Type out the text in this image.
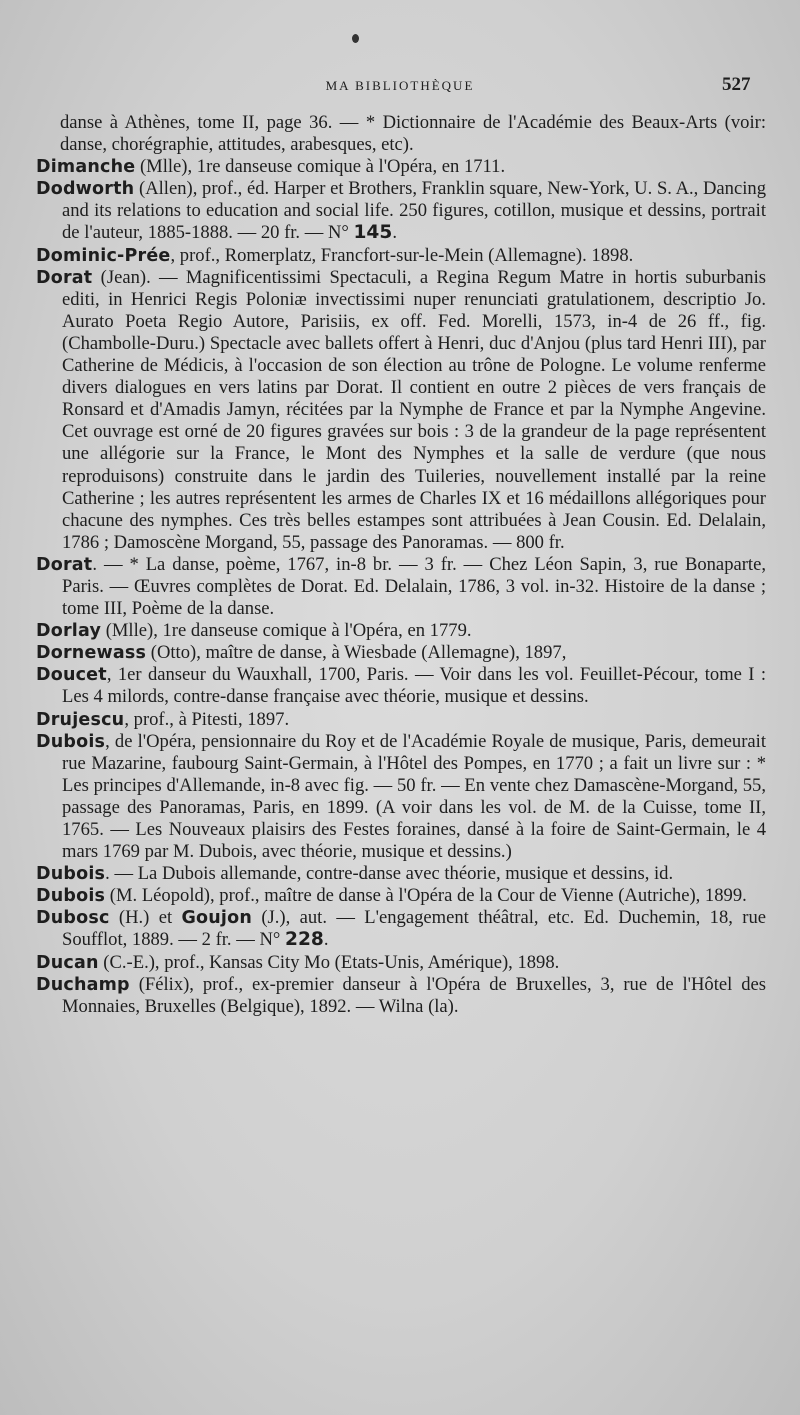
MA BIBLIOTHÈQUE	527
danse à Athènes, tome II, page 36. — * Dictionnaire de l'Académie des Beaux-Arts (voir: danse, chorégraphie, attitudes, arabesques, etc).
Dimanche (Mlle), 1re danseuse comique à l'Opéra, en 1711.
Dodworth (Allen), prof., éd. Harper et Brothers, Franklin square, New-York, U. S. A., Dancing and its relations to education and social life. 250 figures, cotillon, musique et dessins, portrait de l'auteur, 1885-1888. — 20 fr. — N° 145.
Dominic-Prée, prof., Romerplatz, Francfort-sur-le-Mein (Allemagne). 1898.
Dorat (Jean). — Magnificentissimi Spectaculi, a Regina Regum Matre in hortis suburbanis editi, in Henrici Regis Poloniæ invectissimi nuper renunciati gratulationem, descriptio Jo. Aurato Poeta Regio Autore, Parisiis, ex off. Fed. Morelli, 1573, in-4 de 26 ff., fig. (Chambolle-Duru.) Spectacle avec ballets offert à Henri, duc d'Anjou (plus tard Henri III), par Catherine de Médicis, à l'occasion de son élection au trône de Pologne. Le volume renferme divers dialogues en vers latins par Dorat. Il contient en outre 2 pièces de vers français de Ronsard et d'Amadis Jamyn, récitées par la Nymphe de France et par la Nymphe Angevine. Cet ouvrage est orné de 20 figures gravées sur bois : 3 de la grandeur de la page représentent une allégorie sur la France, le Mont des Nymphes et la salle de verdure (que nous reproduisons) construite dans le jardin des Tuileries, nouvellement installé par la reine Catherine ; les autres représentent les armes de Charles IX et 16 médaillons allégoriques pour chacune des nymphes. Ces très belles estampes sont attribuées à Jean Cousin. Ed. Delalain, 1786 ; Damoscène Morgand, 55, passage des Panoramas. — 800 fr.
Dorat. — * La danse, poème, 1767, in-8 br. — 3 fr. — Chez Léon Sapin, 3, rue Bonaparte, Paris. — Œuvres complètes de Dorat. Ed. Delalain, 1786, 3 vol. in-32. Histoire de la danse ; tome III, Poème de la danse.
Dorlay (Mlle), 1re danseuse comique à l'Opéra, en 1779.
Dornewass (Otto), maître de danse, à Wiesbade (Allemagne), 1897,
Doucet, 1er danseur du Wauxhall, 1700, Paris. — Voir dans les vol. Feuillet-Pécour, tome I : Les 4 milords, contre-danse française avec théorie, musique et dessins.
Drujescu, prof., à Pitesti, 1897.
Dubois, de l'Opéra, pensionnaire du Roy et de l'Académie Royale de musique, Paris, demeurait rue Mazarine, faubourg Saint-Germain, à l'Hôtel des Pompes, en 1770 ; a fait un livre sur : * Les principes d'Allemande, in-8 avec fig. — 50 fr. — En vente chez Damascène-Morgand, 55, passage des Panoramas, Paris, en 1899. (A voir dans les vol. de M. de la Cuisse, tome II, 1765. — Les Nouveaux plaisirs des Festes foraines, dansé à la foire de Saint-Germain, le 4 mars 1769 par M. Dubois, avec théorie, musique et dessins.)
Dubois. — La Dubois allemande, contre-danse avec théorie, musique et dessins, id.
Dubois (M. Léopold), prof., maître de danse à l'Opéra de la Cour de Vienne (Autriche), 1899.
Dubosc (H.) et Goujon (J.), aut. — L'engagement théâtral, etc. Ed. Duchemin, 18, rue Soufflot, 1889. — 2 fr. — N° 228.
Ducan (C.-E.), prof., Kansas City Mo (Etats-Unis, Amérique), 1898.
Duchamp (Félix), prof., ex-premier danseur à l'Opéra de Bruxelles, 3, rue de l'Hôtel des Monnaies, Bruxelles (Belgique), 1892. — Wilna (la).
